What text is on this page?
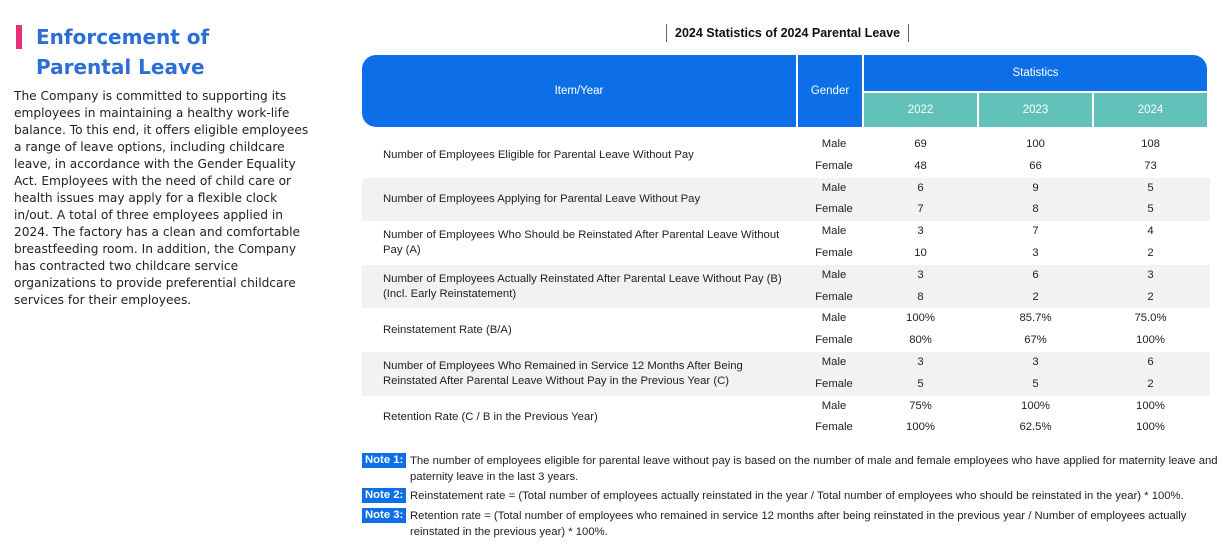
Enforcement of Parental Leave
The Company is committed to supporting its employees in maintaining a healthy work-life balance. To this end, it offers eligible employees a range of leave options, including childcare leave, in accordance with the Gender Equality Act. Employees with the need of child care or health issues may apply for a flexible clock in/out. A total of three employees applied in 2024. The factory has a clean and comfortable breastfeeding room. In addition, the Company has contracted two childcare service organizations to provide preferential childcare services for their employees.
2024 Statistics of 2024 Parental Leave
Item/Year	Gender
Statistics
2022	2023	2024
Number of Employees Eligible for Parental Leave Without Pay
Male	69	100	108
Female	48	66	73
Number of Employees Applying for Parental Leave Without Pay
Male	6	9	5
Female	7	8	5
Number of Employees Who Should be Reinstated After Parental Leave Without Pay (A)
Male	3	7	4
Female	10	3	2
Number of Employees Actually Reinstated After Parental Leave Without Pay (B) (Incl. Early Reinstatement)
Male	3	6	3
Female	8	2	2
Reinstatement Rate (B/A)
Male	100%	85.7%	75.0%
Female	80%	67%	100%
Number of Employees Who Remained in Service 12 Months After Being Reinstated After Parental Leave Without Pay in the Previous Year (C)
Male	3	3	6
Female	5	5	2
Retention Rate (C / B in the Previous Year)
Male	75%	100%	100%
Female	100%	62.5%	100%
Note 1: The number of employees eligible for parental leave without pay is based on the number of male and female employees who have applied for maternity leave and paternity leave in the last 3 years.
Note 2: Reinstatement rate = (Total number of employees actually reinstated in the year / Total number of employees who should be reinstated in the year) * 100%.
Note 3: Retention rate = (Total number of employees who remained in service 12 months after being reinstated in the previous year / Number of employees actually reinstated in the previous year) * 100%.
